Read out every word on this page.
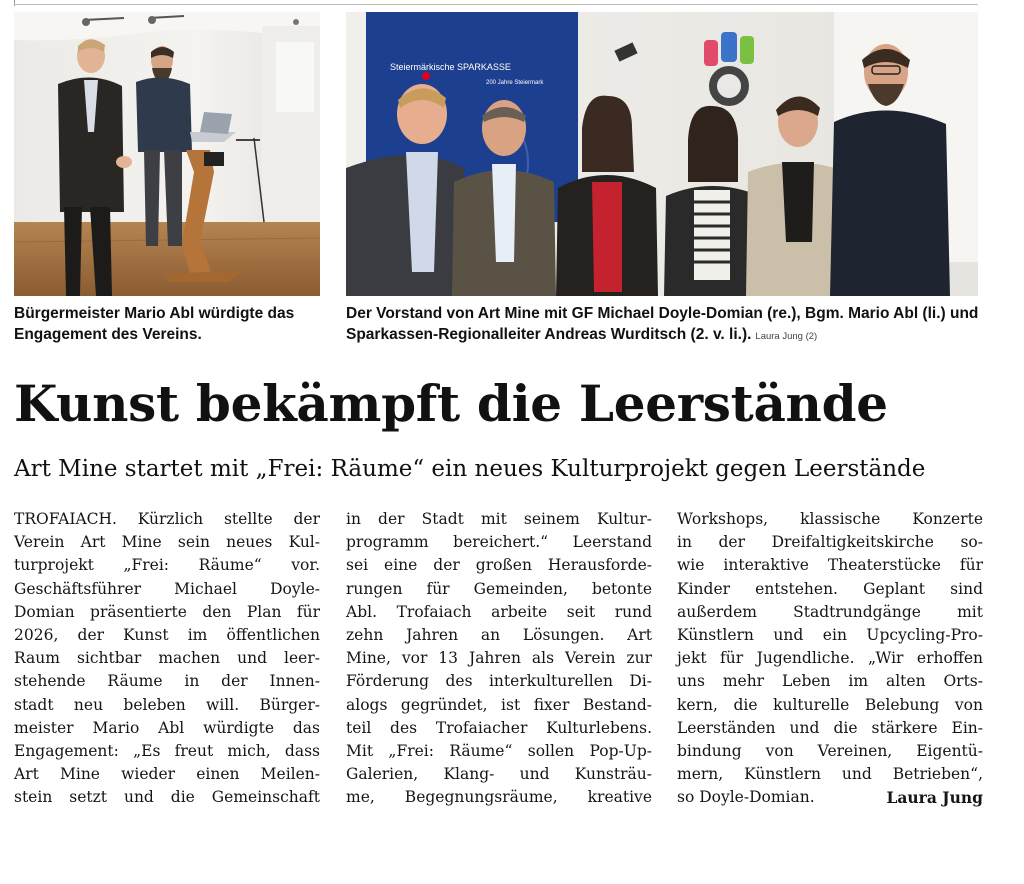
Steiermärkische SPARKASSE
200 Jahre Steiermark
Bürgermeister Mario Abl würdigte das Engagement des Vereins.
Der Vorstand von Art Mine mit GF Michael Doyle-Domian (re.), Bgm. Mario Abl (li.) und Sparkassen-Regionalleiter Andreas Wurditsch (2. v. li.). Laura Jung (2)
Kunst bekämpft die Leerstände
Art Mine startet mit „Frei: Räume“ ein neues Kulturprojekt gegen Leerstände
TROFAIACH. Kürzlich stellte der
Verein Art Mine sein neues Kul-
turprojekt „Frei: Räume“ vor.
Geschäftsführer Michael Doyle-
Domian präsentierte den Plan für
2026, der Kunst im öffentlichen
Raum sichtbar machen und leer-
stehende Räume in der Innen-
stadt neu beleben will. Bürger-
meister Mario Abl würdigte das
Engagement: „Es freut mich, dass
Art Mine wieder einen Meilen-
stein setzt und die Gemeinschaft
in der Stadt mit seinem Kultur-
programm bereichert.“ Leerstand
sei eine der großen Herausforde-
rungen für Gemeinden, betonte
Abl. Trofaiach arbeite seit rund
zehn Jahren an Lösungen. Art
Mine, vor 13 Jahren als Verein zur
Förderung des interkulturellen Di-
alogs gegründet, ist fixer Bestand-
teil des Trofaiacher Kulturlebens.
Mit „Frei: Räume“ sollen Pop-Up-
Galerien, Klang- und Kunsträu-
me, Begegnungsräume, kreative
Workshops, klassische Konzerte
in der Dreifaltigkeitskirche so-
wie interaktive Theaterstücke für
Kinder entstehen. Geplant sind
außerdem Stadtrundgänge mit
Künstlern und ein Upcycling-Pro-
jekt für Jugendliche. „Wir erhoffen
uns mehr Leben im alten Orts-
kern, die kulturelle Belebung von
Leerständen und die stärkere Ein-
bindung von Vereinen, Eigentü-
mern, Künstlern und Betrieben“,
so Doyle-Domian.	Laura Jung
